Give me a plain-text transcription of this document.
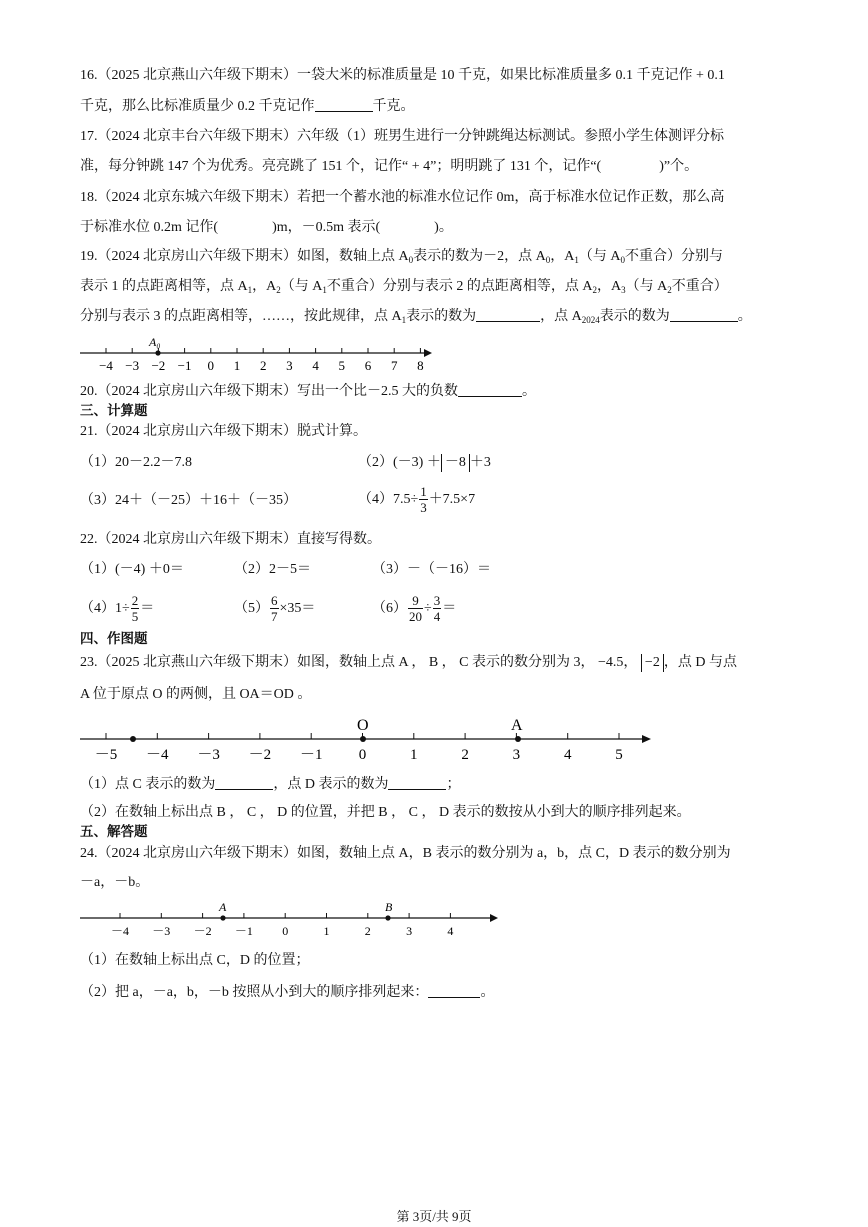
16.（2025 北京燕山六年级下期末）一袋大米的标准质量是 10 千克，如果比标准质量多 0.1 千克记作 + 0.1
千克，那么比标准质量少 0.2 千克记作	千克。
17.（2024 北京丰台六年级下期末）六年级（1）班男生进行一分钟跳绳达标测试。参照小学生体测评分标
准，每分钟跳 147 个为优秀。亮亮跳了 151 个，记作“ + 4”；明明跳了 131 个，记作“(	)”个。
18.（2024 北京东城六年级下期末）若把一个蓄水池的标准水位记作 0m，高于标准水位记作正数，那么高
于标准水位 0.2m 记作(	)m，－0.5m 表示(	)。
19.（2024 北京房山六年级下期末）如图，数轴上点 $A_0$表示的数为－2，点 $A_0$，$A_1$（与 $A_0$不重合）分别与
表示 1 的点距离相等，点 $A_1$，$A_2$（与 $A_1$不重合）分别与表示 2 的点距离相等，点 $A_2$，$A_3$（与 $A_2$不重合）
分别与表示 3 的点距离相等，……，按此规律，点 $A_1$表示的数为	，点 $A_{2024}$表示的数为	。
A₀
−4 −3 −2 −1 0 1 2 3 4 5 6 7 8
20.（2024 北京房山六年级下期末）写出一个比－2.5 大的负数	。
三、计算题
21.（2024 北京房山六年级下期末）脱式计算。
（1）20－2.2－7.8	（2）(－3) ＋ －8 ＋3
（3）24＋（－25）＋16＋（－35）	$(4)7.5\div \frac{1}{3} +7.5\times 7$
22.（2024 北京房山六年级下期末）直接写得数。
（1）(－4) ＋0＝	（2）2－5＝	（3）－（－16）＝
$(4)1\div \frac{2}{5}$ ＝	$(5) \frac{6}{7} \times 35=$	$(6) \frac{9}{20} \div \frac{3}{4}$ ＝
四、作图题
23.（2025 北京燕山六年级下期末）如图，数轴上点 A ， B ， C 表示的数分别为 3， −4.5， −2 ，点 D 与点
A 位于原点 O 的两侧，且 OA＝OD 。
O	A
－5 －4 －3 －2 －1 0	1	2	3	4	5
（1）点 C 表示的数为	，点 D 表示的数为	；
（2）在数轴上标出点 B ， C ， D 的位置，并把 B ， C ， D 表示的数按从小到大的顺序排列起来。
五、解答题
24.（2024 北京房山六年级下期末）如图，数轴上点 A，B 表示的数分别为 a，b，点 C，D 表示的数分别为
－a，－b。
A	B
－4 －3 －2 －1 0	1	2	3	4
（1）在数轴上标出点 C，D 的位置；
（2）把 a，－a，b，－b 按照从小到大的顺序排列起来：	。
第 3页/共 9页
